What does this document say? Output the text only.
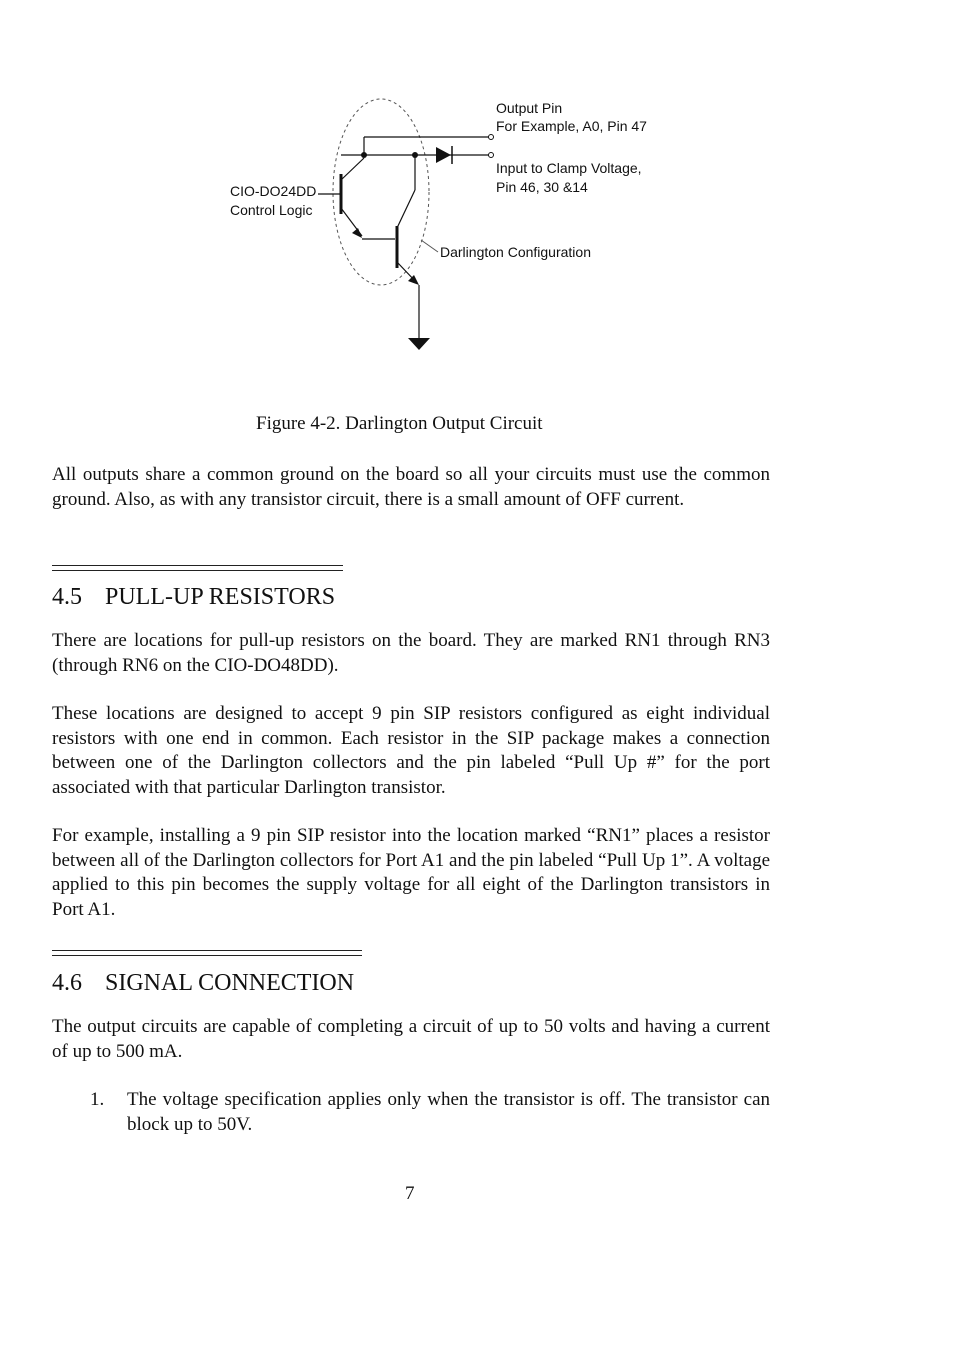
Output Pin
For Example, A0, Pin 47
Input to Clamp Voltage,
Pin 46, 30 &14
CIO-DO24DD
Control Logic
Darlington Configuration
Figure 4-2. Darlington Output Circuit

All outputs share a common ground on the board so all your circuits must use the common ground. Also, as with any transistor circuit, there is a small amount of OFF current.

4.5 PULL-UP RESISTORS

There are locations for pull-up resistors on the board. They are marked RN1 through RN3 (through RN6 on the CIO-DO48DD).

These locations are designed to accept 9 pin SIP resistors configured as eight individual resistors with one end in common. Each resistor in the SIP package makes a connection between one of the Darlington collectors and the pin labeled “Pull Up #” for the port associated with that particular Darlington transistor.

For example, installing a 9 pin SIP resistor into the location marked “RN1” places a resistor between all of the Darlington collectors for Port A1 and the pin labeled “Pull Up 1”. A voltage applied to this pin becomes the supply voltage for all eight of the Darlington transistors in Port A1.

4.6 SIGNAL CONNECTION

The output circuits are capable of completing a circuit of up to 50 volts and having a current of up to 500 mA.

1. The voltage specification applies only when the transistor is off. The transistor can block up to 50V.
7
